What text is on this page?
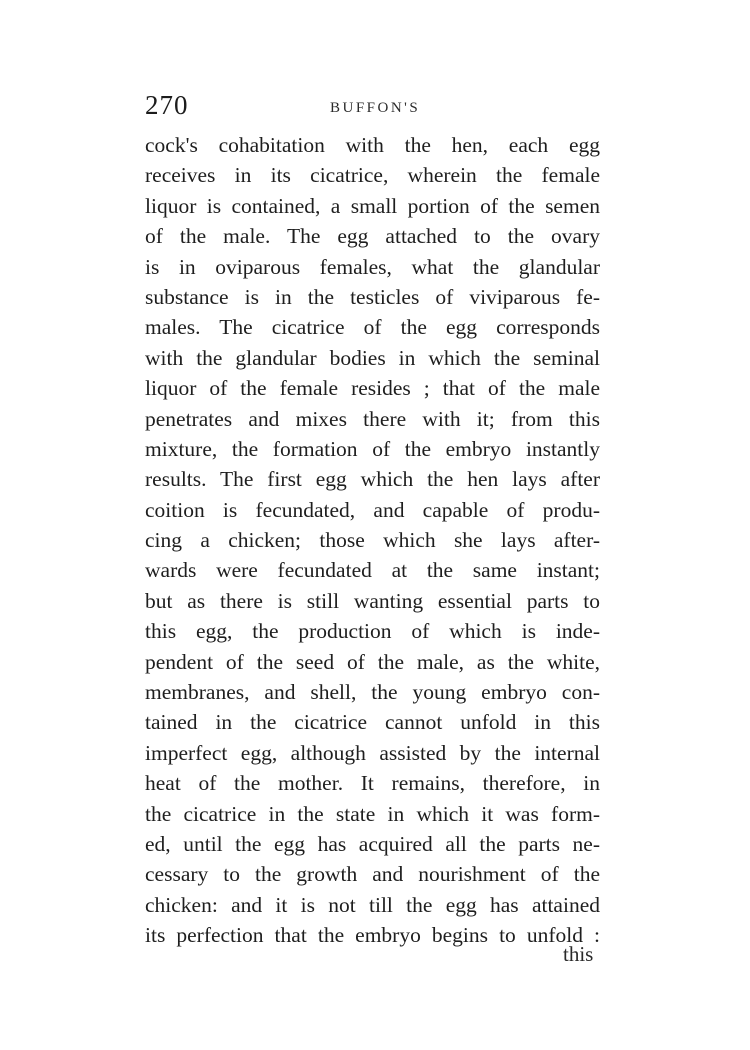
270	BUFFON'S
cock's cohabitation with the hen, each egg
receives in its cicatrice, wherein the female
liquor is contained, a small portion of the semen
of the male. The egg attached to the ovary
is in oviparous females, what the glandular
substance is in the testicles of viviparous fe-
males. The cicatrice of the egg corresponds
with the glandular bodies in which the seminal
liquor of the female resides ; that of the male
penetrates and mixes there with it; from this
mixture, the formation of the embryo instantly
results. The first egg which the hen lays after
coition is fecundated, and capable of produ-
cing a chicken; those which she lays after-
wards were fecundated at the same instant;
but as there is still wanting essential parts to
this egg, the production of which is inde-
pendent of the seed of the male, as the white,
membranes, and shell, the young embryo con-
tained in the cicatrice cannot unfold in this
imperfect egg, although assisted by the internal
heat of the mother. It remains, therefore, in
the cicatrice in the state in which it was form-
ed, until the egg has acquired all the parts ne-
cessary to the growth and nourishment of the
chicken: and it is not till the egg has attained
its perfection that the embryo begins to unfold :
this
